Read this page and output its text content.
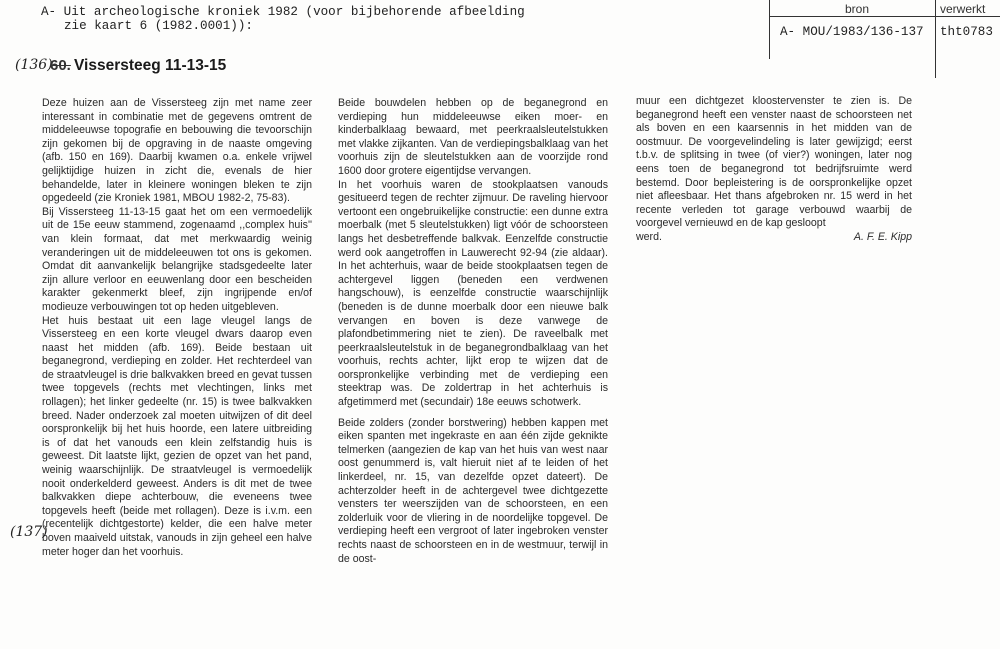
A- Uit archeologische kroniek 1982 (voor bijbehorende afbeelding
zie kaart 6 (1982.0001)):
bron	verwerkt
A- MOU/1983/136-137 tht0783
(136)
60. Vissersteeg 11-13-15

Deze huizen aan de Vissersteeg zijn met name zeer interessant in combinatie met de gegevens omtrent de middeleeuwse topografie en bebouwing die tevoorschijn zijn gekomen bij de opgraving in de naaste omgeving (afb. 150 en 169). Daarbij kwamen o.a. enkele vrijwel gelijktijdige huizen in zicht die, evenals de hier behandelde, later in kleinere woningen bleken te zijn opgedeeld (zie Kroniek 1981, MBOU 1982-2, 75-83).

Bij Vissersteeg 11-13-15 gaat het om een vermoedelijk uit de 15e eeuw stammend, zogenaamd ,,complex huis'' van klein formaat, dat met merkwaardig weinig veranderingen uit de middeleeuwen tot ons is gekomen. Omdat dit aanvankelijk belangrijke stadsgedeelte later zijn allure verloor en eeuwenlang door een bescheiden karakter gekenmerkt bleef, zijn ingrijpende en/of modieuze verbouwingen tot op heden uitgebleven.

Het huis bestaat uit een lage vleugel langs de Vissersteeg en een korte vleugel dwars daarop even naast het midden (afb. 169). Beide bestaan uit beganegrond, verdieping en zolder. Het rechterdeel van de straatvleugel is drie balkvakken breed en gevat tussen twee topgevels (rechts met vlechtingen, links met rollagen); het linker gedeelte (nr. 15) is twee balkvakken breed. Nader onderzoek zal moeten uitwijzen of dit deel oorspronkelijk bij het huis hoorde, een latere uitbreiding is of dat het vanouds een klein zelfstandig huis is geweest. Dit laatste lijkt, gezien de opzet van het pand, weinig waarschijnlijk. De straatvleugel is vermoedelijk nooit onderkelderd geweest. Anders is dit met de twee balkvakken diepe achterbouw, die eveneens twee topgevels heeft (beide met rollagen). Deze is i.v.m. een (recentelijk dichtgestorte) kelder, die een halve meter boven maaiveld uitstak, vanouds in zijn geheel een halve meter hoger dan het voorhuis.

(137)

Beide bouwdelen hebben op de beganegrond en verdieping hun middeleeuwse eiken moer- en kinderbalklaag bewaard, met peerkraalsleutelstukken met vlakke zijkanten. Van de verdiepingsbalklaag van het voorhuis zijn de sleutelstukken aan de voorzijde rond 1600 door grotere eigentijdse vervangen.

In het voorhuis waren de stookplaatsen vanouds gesitueerd tegen de rechter zijmuur. De raveling hiervoor vertoont een ongebruikelijke constructie: een dunne extra moerbalk (met 5 sleutelstukken) ligt vóór de schoorsteen langs het desbetreffende balkvak. Eenzelfde constructie werd ook aangetroffen in Lauwerecht 92-94 (zie aldaar). In het achterhuis, waar de beide stookplaatsen tegen de achtergevel liggen (beneden een verdwenen hangschouw), is eenzelfde constructie waarschijnlijk (beneden is de dunne moerbalk door een nieuwe balk vervangen en boven is deze vanwege de plafondbetimmering niet te zien). De raveelbalk met peerkraalsleutelstuk in de beganegrondbalklaag van het voorhuis, rechts achter, lijkt erop te wijzen dat de oorspronkelijke verbinding met de verdieping een steektrap was. De zoldertrap in het achterhuis is afgetimmerd met (secundair) 18e eeuws schotwerk.

Beide zolders (zonder borstwering) hebben kappen met eiken spanten met ingekraste en aan één zijde geknikte telmerken (aangezien de kap van het huis van west naar oost genummerd is, valt hieruit niet af te leiden of het linkerdeel, nr. 15, van dezelfde opzet dateert). De achterzolder heeft in de achtergevel twee dichtgezette vensters ter weerszijden van de schoorsteen, en een zolderluik voor de vliering in de noordelijke topgevel. De verdieping heeft een vergroot of later ingebroken venster rechts naast de schoorsteen en in de westmuur, terwijl in de oost-

muur een dichtgezet kloostervenster te zien is. De beganegrond heeft een venster naast de schoorsteen net als boven en een kaarsennis in het midden van de oostmuur. De voorgevelindeling is later gewijzigd; eerst t.b.v. de splitsing in twee (of vier?) woningen, later nog eens toen de beganegrond tot bedrijfsruimte werd bestemd. Door bepleistering is de oorspronkelijke opzet niet afleesbaar. Het thans afgebroken nr. 15 werd in het recente verleden tot garage verbouwd waarbij de voorgevel vernieuwd en de kap gesloopt

werd.	A. F. E. Kipp
